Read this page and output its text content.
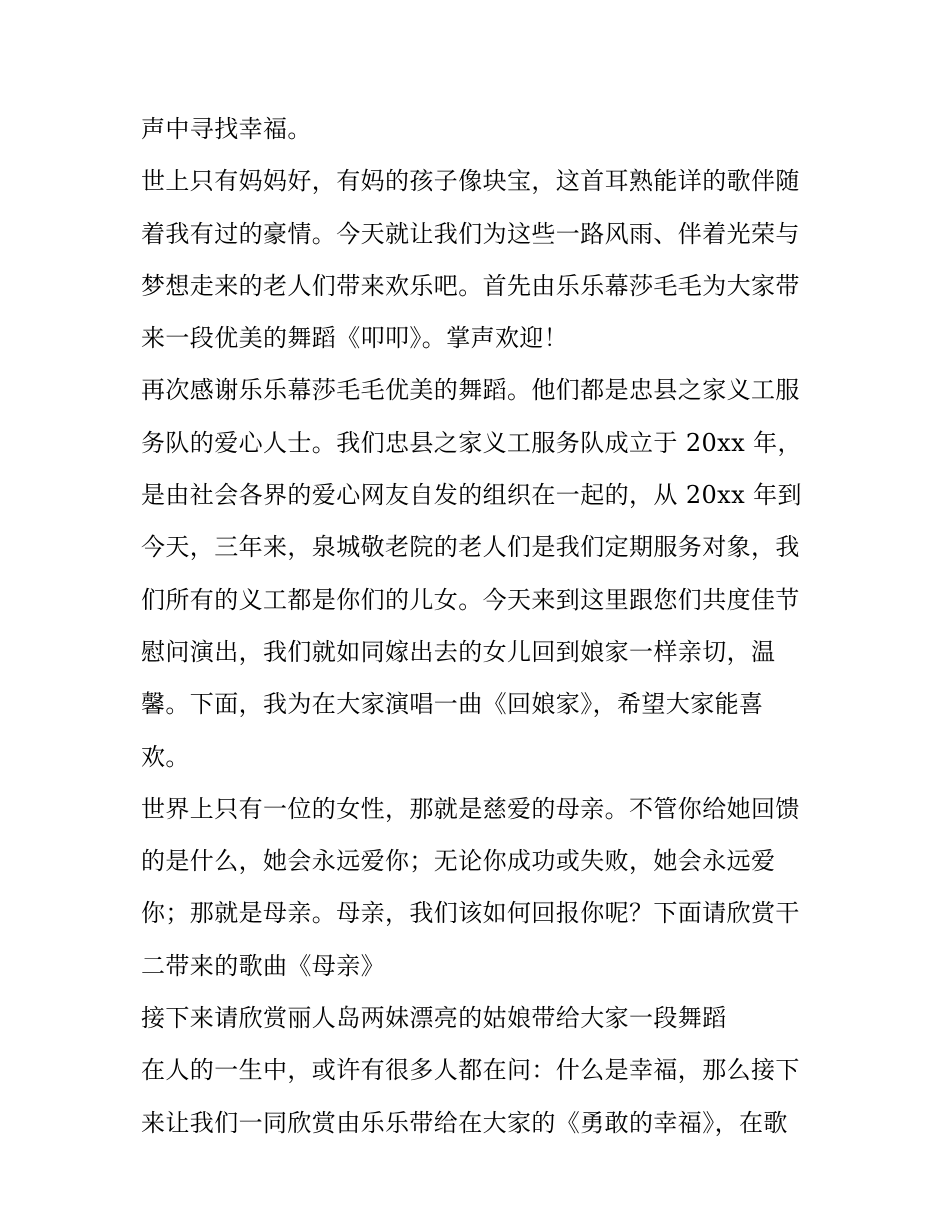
声中寻找幸福。
世上只有妈妈好，有妈的孩子像块宝，这首耳熟能详的歌伴随
着我有过的豪情。今天就让我们为这些一路风雨、伴着光荣与
梦想走来的老人们带来欢乐吧。首先由乐乐幕莎毛毛为大家带
来一段优美的舞蹈《叩叩》。掌声欢迎！
再次感谢乐乐幕莎毛毛优美的舞蹈。他们都是忠县之家义工服
务队的爱心人士。我们忠县之家义工服务队成立于 20xx 年，
是由社会各界的爱心网友自发的组织在一起的，从 20xx 年到
今天，三年来，泉城敬老院的老人们是我们定期服务对象，我
们所有的义工都是你们的儿女。今天来到这里跟您们共度佳节
慰问演出，我们就如同嫁出去的女儿回到娘家一样亲切，温
馨。下面，我为在大家演唱一曲《回娘家》，希望大家能喜
欢。
世界上只有一位的女性，那就是慈爱的母亲。不管你给她回馈
的是什么，她会永远爱你；无论你成功或失败，她会永远爱
你；那就是母亲。母亲，我们该如何回报你呢？下面请欣赏干
二带来的歌曲《母亲》
接下来请欣赏丽人岛两妹漂亮的姑娘带给大家一段舞蹈
在人的一生中，或许有很多人都在问：什么是幸福，那么接下
来让我们一同欣赏由乐乐带给在大家的《勇敢的幸福》，在歌
